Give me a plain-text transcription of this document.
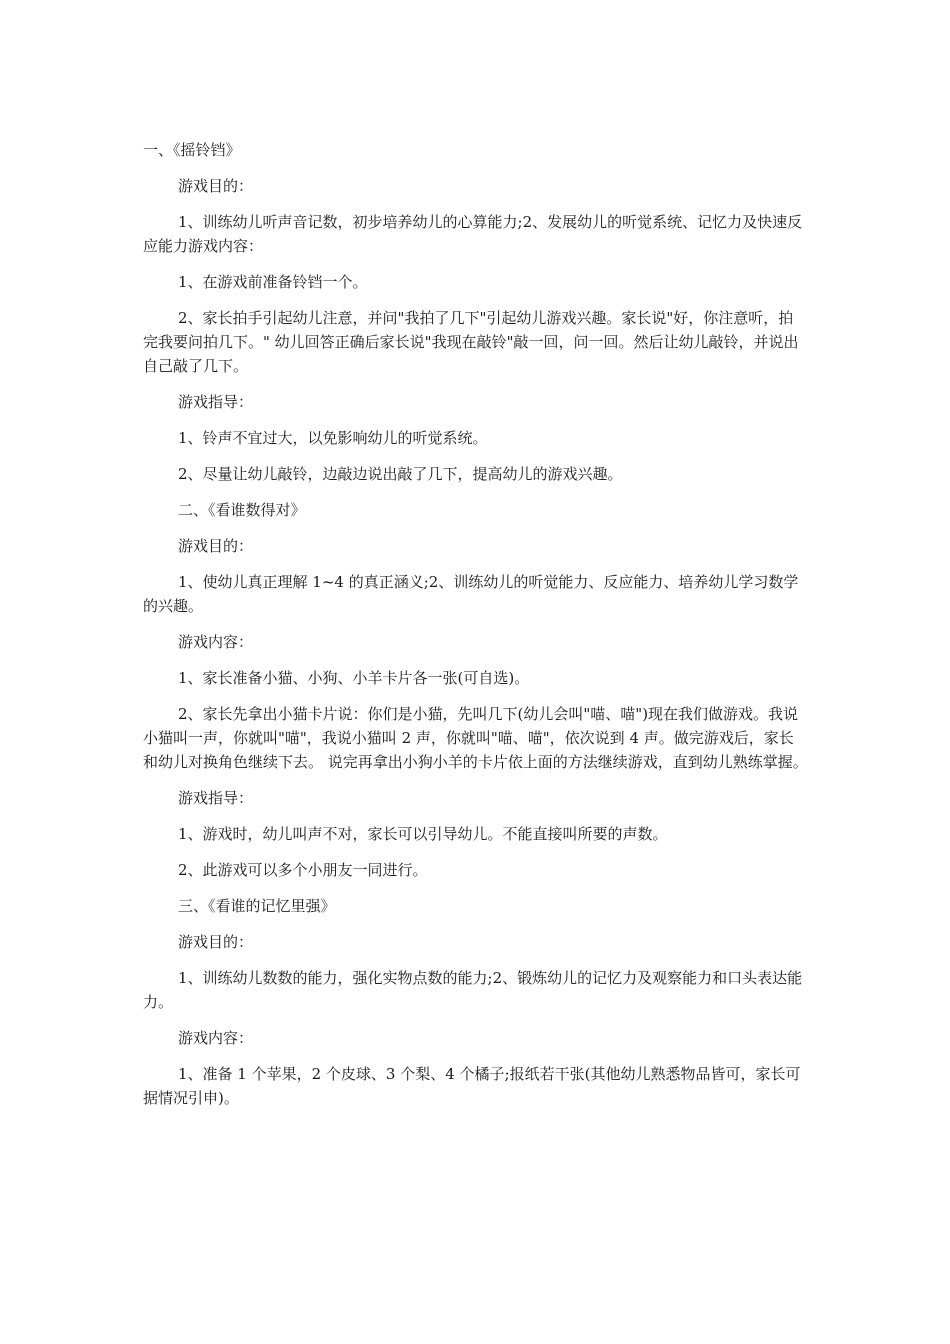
一、《摇铃铛》

游戏目的：

1、训练幼儿听声音记数，初步培养幼儿的心算能力;2、发展幼儿的听觉系统、记忆力及快速反应能力游戏内容：

1、在游戏前准备铃铛一个。

2、家长拍手引起幼儿注意，并问"我拍了几下"引起幼儿游戏兴趣。家长说"好，你注意听，拍完我要问拍几下。" 幼儿回答正确后家长说"我现在敲铃"敲一回，问一回。然后让幼儿敲铃，并说出自己敲了几下。

游戏指导：

1、铃声不宜过大，以免影响幼儿的听觉系统。

2、尽量让幼儿敲铃，边敲边说出敲了几下，提高幼儿的游戏兴趣。

二、《看谁数得对》

游戏目的：

1、使幼儿真正理解 1~4 的真正涵义;2、训练幼儿的听觉能力、反应能力、培养幼儿学习数学的兴趣。

游戏内容：

1、家长准备小猫、小狗、小羊卡片各一张(可自选)。

2、家长先拿出小猫卡片说：你们是小猫，先叫几下(幼儿会叫"喵、喵")现在我们做游戏。我说小猫叫一声，你就叫"喵"，我说小猫叫 2 声，你就叫"喵、喵"，依次说到 4 声。做完游戏后，家长和幼儿对换角色继续下去。 说完再拿出小狗小羊的卡片依上面的方法继续游戏，直到幼儿熟练掌握。

游戏指导：

1、游戏时，幼儿叫声不对，家长可以引导幼儿。不能直接叫所要的声数。

2、此游戏可以多个小朋友一同进行。

三、《看谁的记忆里强》

游戏目的：

1、训练幼儿数数的能力，强化实物点数的能力;2、锻炼幼儿的记忆力及观察能力和口头表达能力。

游戏内容：

1、准备 1 个苹果，2 个皮球、3 个梨、4 个橘子;报纸若干张(其他幼儿熟悉物品皆可，家长可据情况引申)。
